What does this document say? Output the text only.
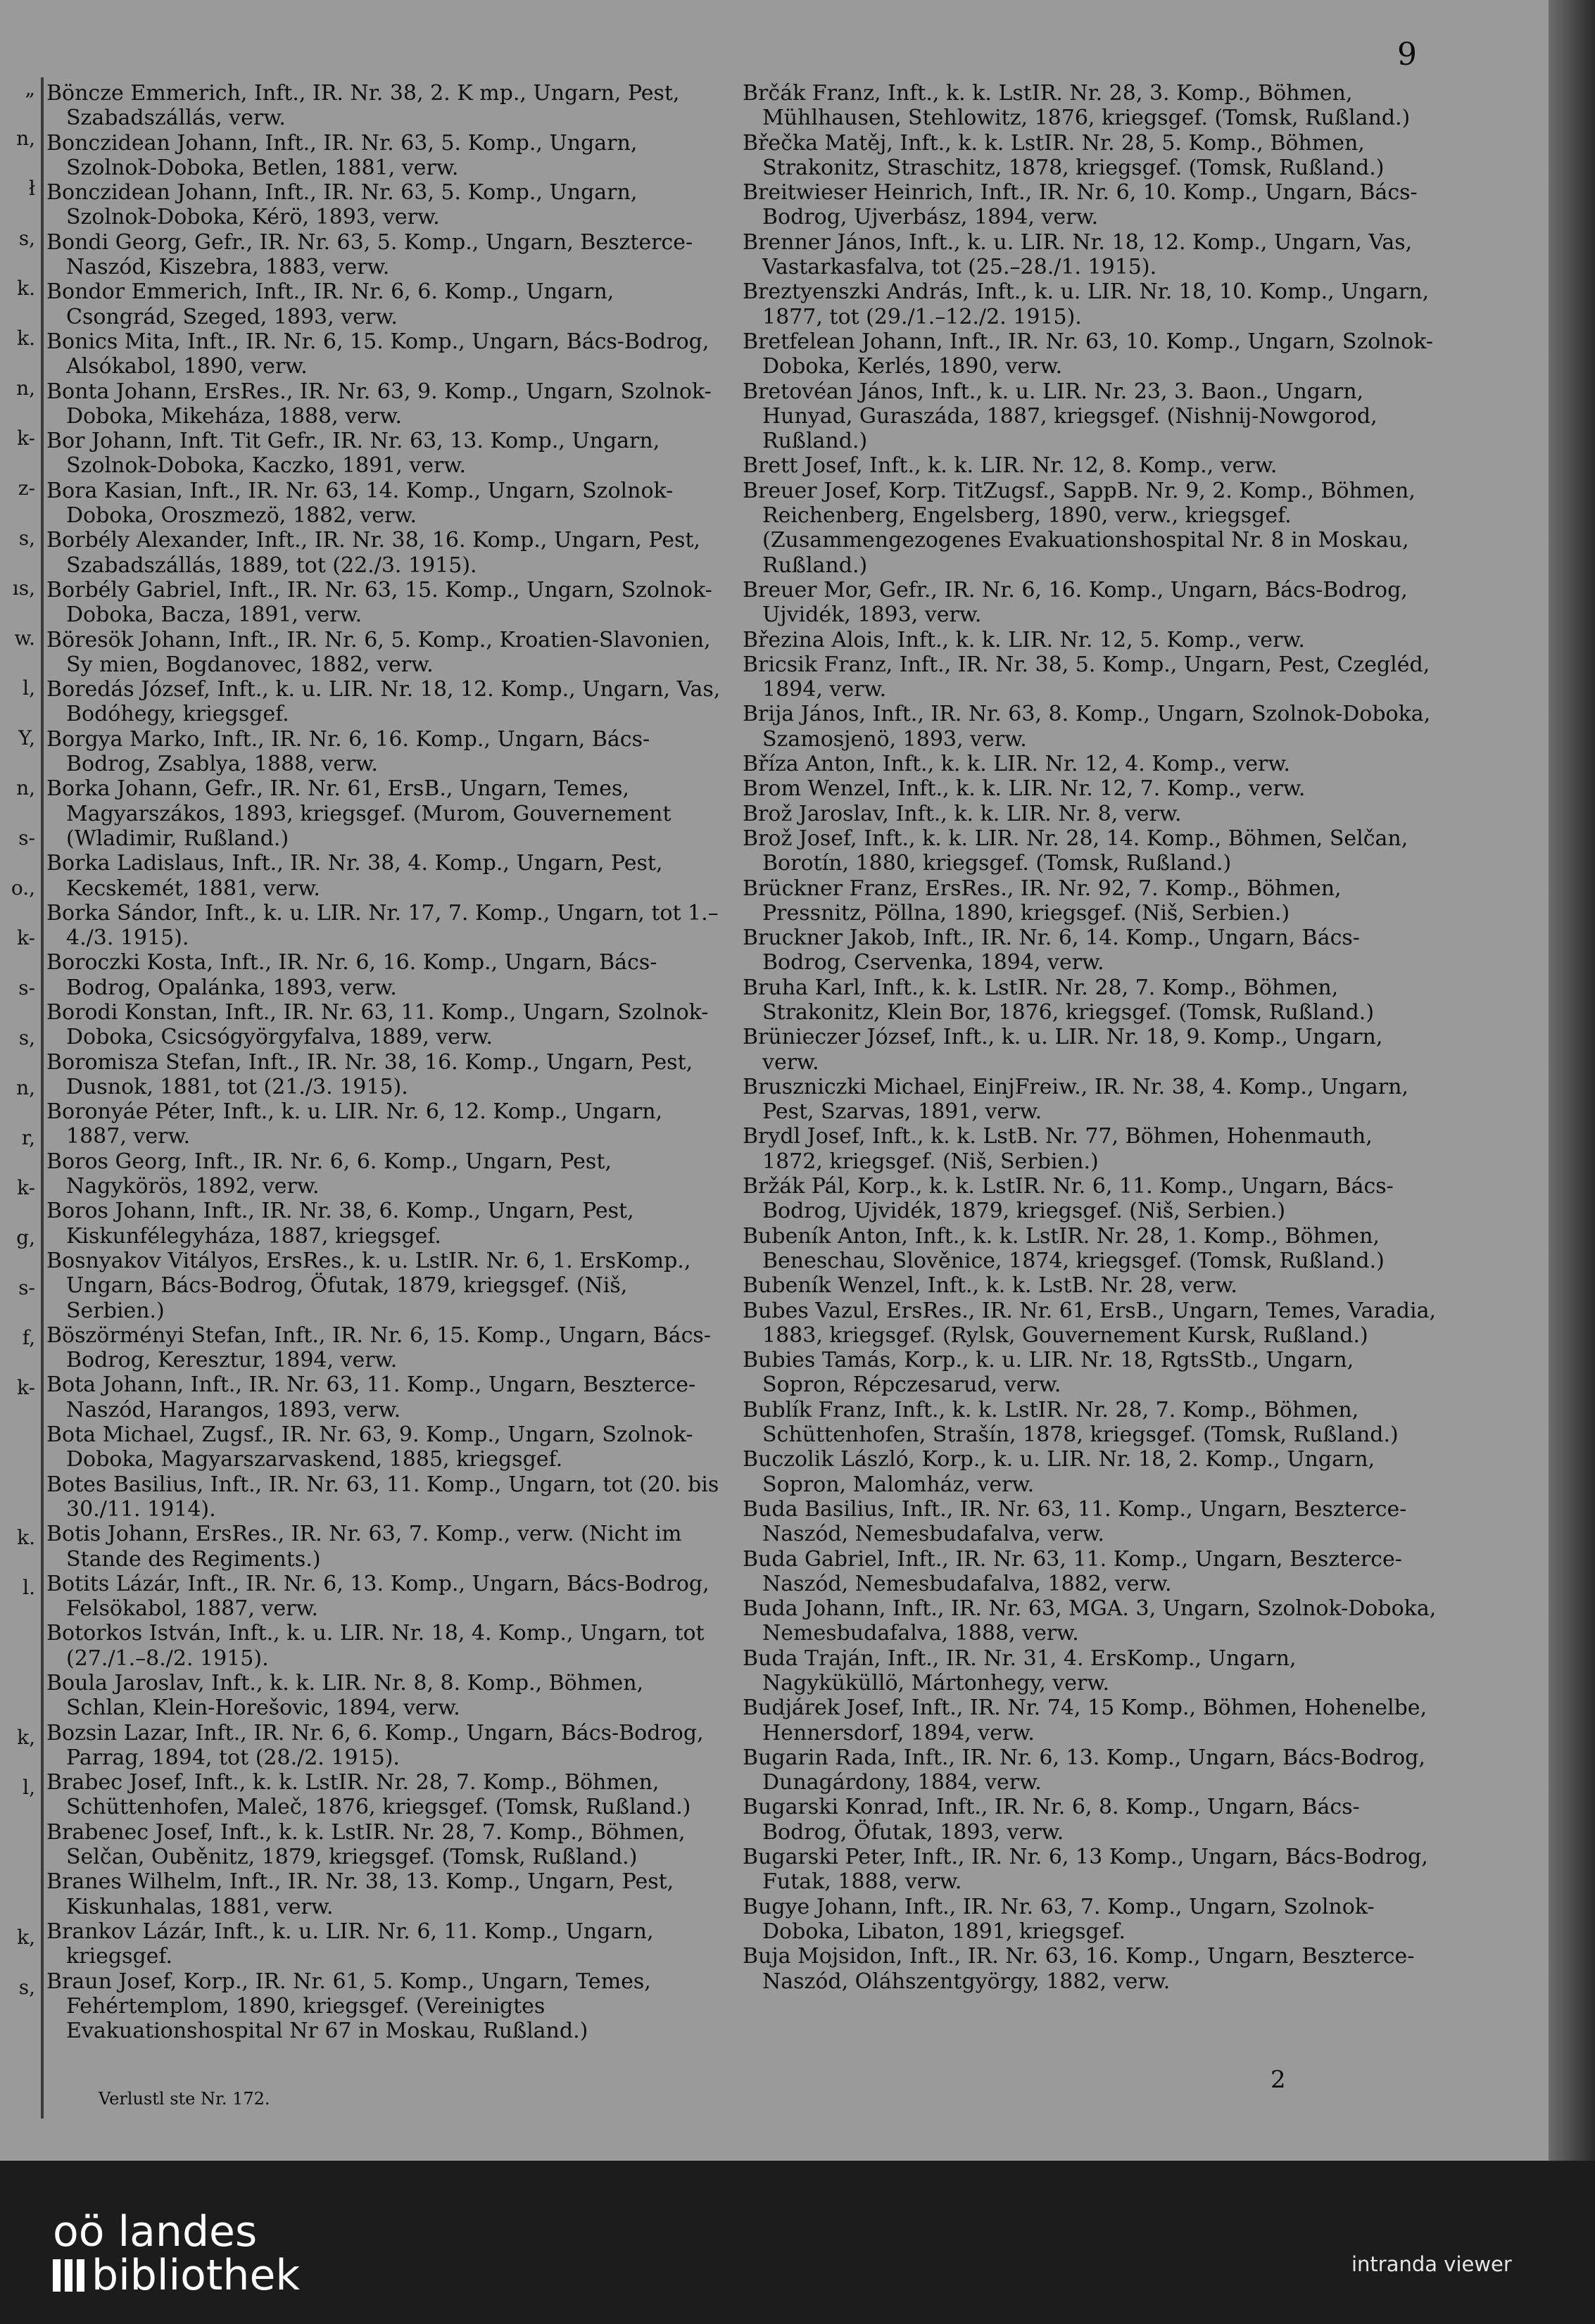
„
n,
ł
s,
k.
k.
n,
k-
z-
s,
ıs,
w.
l,
Y,
n,
s-
o.,
k-
s-
s,
n,
r,
k-
g,
s-
f,
k-
k.
l.
k,
l,
k,
s,
9

Böncze Emmerich, Inft., IR. Nr. 38, 2. K mp., Ungarn, Pest, Szabadszállás, verw.

Bonczidean Johann, Inft., IR. Nr. 63, 5. Komp., Ungarn, Szolnok-Doboka, Betlen, 1881, verw.

Bonczidean Johann, Inft., IR. Nr. 63, 5. Komp., Ungarn, Szolnok-Doboka, Kérö, 1893, verw.

Bondi Georg, Gefr., IR. Nr. 63, 5. Komp., Ungarn, Beszterce-Naszód, Kiszebra, 1883, verw.

Bondor Emmerich, Inft., IR. Nr. 6, 6. Komp., Ungarn, Csongrád, Szeged, 1893, verw.

Bonics Mita, Inft., IR. Nr. 6, 15. Komp., Ungarn, Bács-Bodrog, Alsókabol, 1890, verw.

Bonta Johann, ErsRes., IR. Nr. 63, 9. Komp., Ungarn, Szolnok-Doboka, Mikeháza, 1888, verw.

Bor Johann, Inft. Tit Gefr., IR. Nr. 63, 13. Komp., Ungarn, Szolnok-Doboka, Kaczko, 1891, verw.

Bora Kasian, Inft., IR. Nr. 63, 14. Komp., Ungarn, Szolnok-Doboka, Oroszmezö, 1882, verw.

Borbély Alexander, Inft., IR. Nr. 38, 16. Komp., Ungarn, Pest, Szabadszállás, 1889, tot (22./3. 1915).

Borbély Gabriel, Inft., IR. Nr. 63, 15. Komp., Ungarn, Szolnok-Doboka, Bacza, 1891, verw.

Böresök Johann, Inft., IR. Nr. 6, 5. Komp., Kroatien-Slavonien, Sy mien, Bogdanovec, 1882, verw.

Boredás József, Inft., k. u. LIR. Nr. 18, 12. Komp., Ungarn, Vas, Bodóhegy, kriegsgef.

Borgya Marko, Inft., IR. Nr. 6, 16. Komp., Ungarn, Bács-Bodrog, Zsablya, 1888, verw.

Borka Johann, Gefr., IR. Nr. 61, ErsB., Ungarn, Temes, Magyarszákos, 1893, kriegsgef. (Murom, Gouvernement (Wladimir, Rußland.)

Borka Ladislaus, Inft., IR. Nr. 38, 4. Komp., Ungarn, Pest, Kecskemét, 1881, verw.

Borka Sándor, Inft., k. u. LIR. Nr. 17, 7. Komp., Ungarn, tot 1.–4./3. 1915).

Boroczki Kosta, Inft., IR. Nr. 6, 16. Komp., Ungarn, Bács-Bodrog, Opalánka, 1893, verw.

Borodi Konstan, Inft., IR. Nr. 63, 11. Komp., Ungarn, Szolnok-Doboka, Csicsógyörgyfalva, 1889, verw.

Boromisza Stefan, Inft., IR. Nr. 38, 16. Komp., Ungarn, Pest, Dusnok, 1881, tot (21./3. 1915).

Boronyáe Péter, Inft., k. u. LIR. Nr. 6, 12. Komp., Ungarn, 1887, verw.

Boros Georg, Inft., IR. Nr. 6, 6. Komp., Ungarn, Pest, Nagykörös, 1892, verw.

Boros Johann, Inft., IR. Nr. 38, 6. Komp., Ungarn, Pest, Kiskunfélegyháza, 1887, kriegsgef.

Bosnyakov Vitályos, ErsRes., k. u. LstIR. Nr. 6, 1. ErsKomp., Ungarn, Bács-Bodrog, Öfutak, 1879, kriegsgef. (Niš, Serbien.)

Böszörményi Stefan, Inft., IR. Nr. 6, 15. Komp., Ungarn, Bács-Bodrog, Keresztur, 1894, verw.

Bota Johann, Inft., IR. Nr. 63, 11. Komp., Ungarn, Beszterce-Naszód, Harangos, 1893, verw.

Bota Michael, Zugsf., IR. Nr. 63, 9. Komp., Ungarn, Szolnok-Doboka, Magyarszarvaskend, 1885, kriegsgef.

Botes Basilius, Inft., IR. Nr. 63, 11. Komp., Ungarn, tot (20. bis 30./11. 1914).

Botis Johann, ErsRes., IR. Nr. 63, 7. Komp., verw. (Nicht im Stande des Regiments.)

Botits Lázár, Inft., IR. Nr. 6, 13. Komp., Ungarn, Bács-Bodrog, Felsökabol, 1887, verw.

Botorkos István, Inft., k. u. LIR. Nr. 18, 4. Komp., Ungarn, tot (27./1.–8./2. 1915).

Boula Jaroslav, Inft., k. k. LIR. Nr. 8, 8. Komp., Böhmen, Schlan, Klein-Horešovic, 1894, verw.

Bozsin Lazar, Inft., IR. Nr. 6, 6. Komp., Ungarn, Bács-Bodrog, Parrag, 1894, tot (28./2. 1915).

Brabec Josef, Inft., k. k. LstIR. Nr. 28, 7. Komp., Böhmen, Schüttenhofen, Maleč, 1876, kriegsgef. (Tomsk, Rußland.)

Brabenec Josef, Inft., k. k. LstIR. Nr. 28, 7. Komp., Böhmen, Selčan, Ouběnitz, 1879, kriegsgef. (Tomsk, Rußland.)

Branes Wilhelm, Inft., IR. Nr. 38, 13. Komp., Ungarn, Pest, Kiskunhalas, 1881, verw.

Brankov Lázár, Inft., k. u. LIR. Nr. 6, 11. Komp., Ungarn, kriegsgef.

Braun Josef, Korp., IR. Nr. 61, 5. Komp., Ungarn, Temes, Fehértemplom, 1890, kriegsgef. (Vereinigtes Evakuationshospital Nr 67 in Moskau, Rußland.)

Brčák Franz, Inft., k. k. LstIR. Nr. 28, 3. Komp., Böhmen, Mühlhausen, Stehlowitz, 1876, kriegsgef. (Tomsk, Rußland.)

Břečka Matěj, Inft., k. k. LstIR. Nr. 28, 5. Komp., Böhmen, Strakonitz, Straschitz, 1878, kriegsgef. (Tomsk, Rußland.)

Breitwieser Heinrich, Inft., IR. Nr. 6, 10. Komp., Ungarn, Bács-Bodrog, Ujverbász, 1894, verw.

Brenner János, Inft., k. u. LIR. Nr. 18, 12. Komp., Ungarn, Vas, Vastarkasfalva, tot (25.–28./1. 1915).

Breztyenszki András, Inft., k. u. LIR. Nr. 18, 10. Komp., Ungarn, 1877, tot (29./1.–12./2. 1915).

Bretfelean Johann, Inft., IR. Nr. 63, 10. Komp., Ungarn, Szolnok-Doboka, Kerlés, 1890, verw.

Bretovéan János, Inft., k. u. LIR. Nr. 23, 3. Baon., Ungarn, Hunyad, Guraszáda, 1887, kriegsgef. (Nishnij-Nowgorod, Rußland.)

Brett Josef, Inft., k. k. LIR. Nr. 12, 8. Komp., verw.

Breuer Josef, Korp. TitZugsf., SappB. Nr. 9, 2. Komp., Böhmen, Reichenberg, Engelsberg, 1890, verw., kriegsgef. (Zusammengezogenes Evakuationshospital Nr. 8 in Moskau, Rußland.)

Breuer Mor, Gefr., IR. Nr. 6, 16. Komp., Ungarn, Bács-Bodrog, Ujvidék, 1893, verw.

Březina Alois, Inft., k. k. LIR. Nr. 12, 5. Komp., verw.

Bricsik Franz, Inft., IR. Nr. 38, 5. Komp., Ungarn, Pest, Czegléd, 1894, verw.

Brija János, Inft., IR. Nr. 63, 8. Komp., Ungarn, Szolnok-Doboka, Szamosjenö, 1893, verw.

Bříza Anton, Inft., k. k. LIR. Nr. 12, 4. Komp., verw.

Brom Wenzel, Inft., k. k. LIR. Nr. 12, 7. Komp., verw.

Brož Jaroslav, Inft., k. k. LIR. Nr. 8, verw.

Brož Josef, Inft., k. k. LIR. Nr. 28, 14. Komp., Böhmen, Selčan, Borotín, 1880, kriegsgef. (Tomsk, Rußland.)

Brückner Franz, ErsRes., IR. Nr. 92, 7. Komp., Böhmen, Pressnitz, Pöllna, 1890, kriegsgef. (Niš, Serbien.)

Bruckner Jakob, Inft., IR. Nr. 6, 14. Komp., Ungarn, Bács-Bodrog, Cservenka, 1894, verw.

Bruha Karl, Inft., k. k. LstIR. Nr. 28, 7. Komp., Böhmen, Strakonitz, Klein Bor, 1876, kriegsgef. (Tomsk, Rußland.)

Brünieczer József, Inft., k. u. LIR. Nr. 18, 9. Komp., Ungarn, verw.

Bruszniczki Michael, EinjFreiw., IR. Nr. 38, 4. Komp., Ungarn, Pest, Szarvas, 1891, verw.

Brydl Josef, Inft., k. k. LstB. Nr. 77, Böhmen, Hohenmauth, 1872, kriegsgef. (Niš, Serbien.)

Bržák Pál, Korp., k. k. LstIR. Nr. 6, 11. Komp., Ungarn, Bács-Bodrog, Ujvidék, 1879, kriegsgef. (Niš, Serbien.)

Bubeník Anton, Inft., k. k. LstIR. Nr. 28, 1. Komp., Böhmen, Beneschau, Slověnice, 1874, kriegsgef. (Tomsk, Rußland.)

Bubeník Wenzel, Inft., k. k. LstB. Nr. 28, verw.

Bubes Vazul, ErsRes., IR. Nr. 61, ErsB., Ungarn, Temes, Varadia, 1883, kriegsgef. (Rylsk, Gouvernement Kursk, Rußland.)

Bubies Tamás, Korp., k. u. LIR. Nr. 18, RgtsStb., Ungarn, Sopron, Répczesarud, verw.

Bublík Franz, Inft., k. k. LstIR. Nr. 28, 7. Komp., Böhmen, Schüttenhofen, Strašín, 1878, kriegsgef. (Tomsk, Rußland.)

Buczolik László, Korp., k. u. LIR. Nr. 18, 2. Komp., Ungarn, Sopron, Malomház, verw.

Buda Basilius, Inft., IR. Nr. 63, 11. Komp., Ungarn, Beszterce-Naszód, Nemesbudafalva, verw.

Buda Gabriel, Inft., IR. Nr. 63, 11. Komp., Ungarn, Beszterce-Naszód, Nemesbudafalva, 1882, verw.

Buda Johann, Inft., IR. Nr. 63, MGA. 3, Ungarn, Szolnok-Doboka, Nemesbudafalva, 1888, verw.

Buda Traján, Inft., IR. Nr. 31, 4. ErsKomp., Ungarn, Nagyküküllö, Mártonhegy, verw.

Budjárek Josef, Inft., IR. Nr. 74, 15 Komp., Böhmen, Hohenelbe, Hennersdorf, 1894, verw.

Bugarin Rada, Inft., IR. Nr. 6, 13. Komp., Ungarn, Bács-Bodrog, Dunagárdony, 1884, verw.

Bugarski Konrad, Inft., IR. Nr. 6, 8. Komp., Ungarn, Bács-Bodrog, Öfutak, 1893, verw.

Bugarski Peter, Inft., IR. Nr. 6, 13 Komp., Ungarn, Bács-Bodrog, Futak, 1888, verw.

Bugye Johann, Inft., IR. Nr. 63, 7. Komp., Ungarn, Szolnok-Doboka, Libaton, 1891, kriegsgef.

Buja Mojsidon, Inft., IR. Nr. 63, 16. Komp., Ungarn, Beszterce-Naszód, Oláhszentgyörgy, 1882, verw.

Verlustl ste Nr. 172.
2
oö landes
bibliothek	intranda viewer
